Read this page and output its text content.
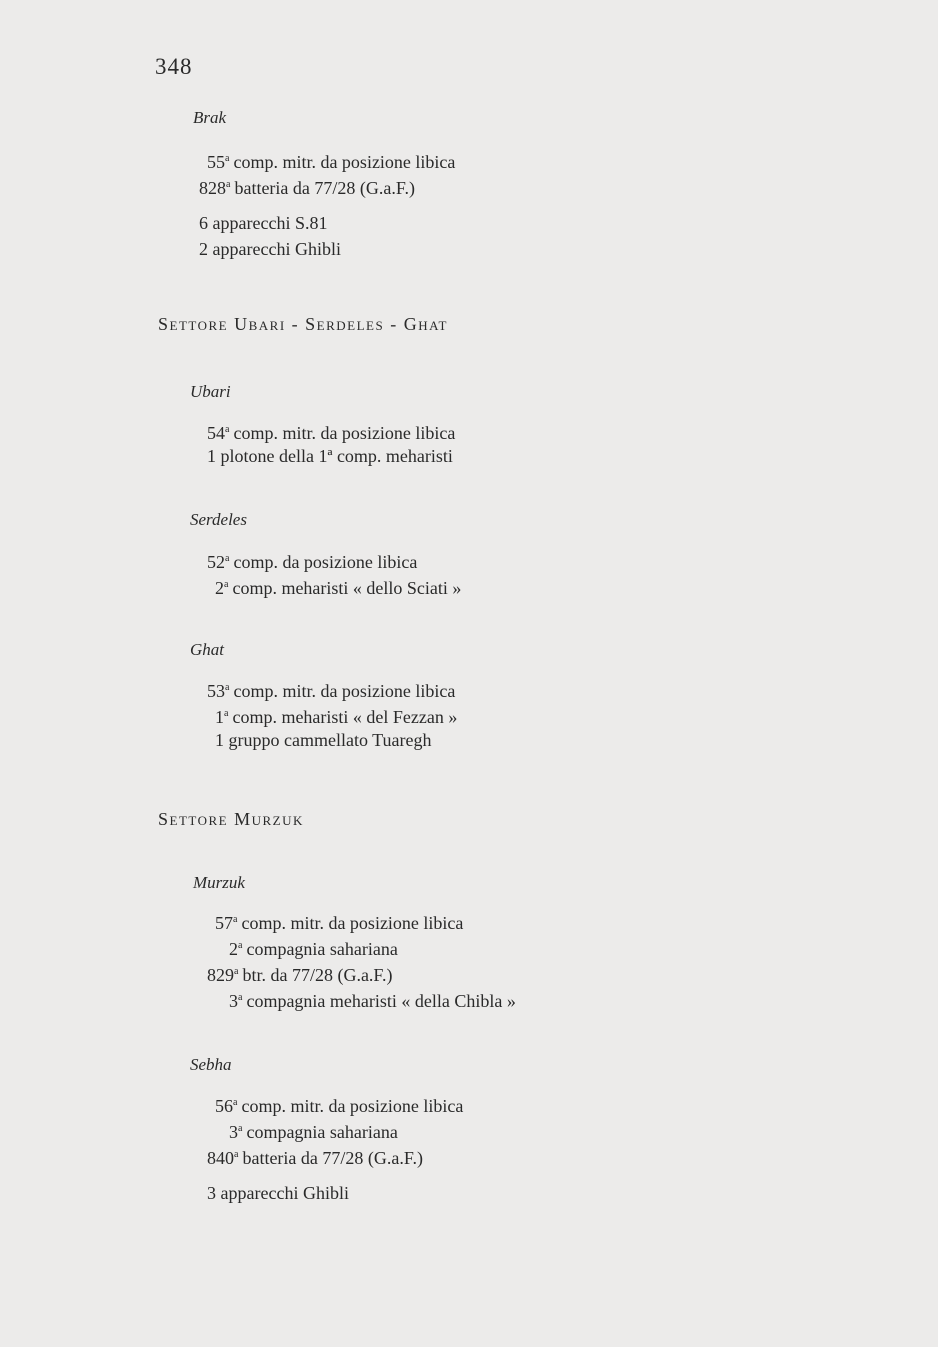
348
Brak
55$^a$ comp. mitr. da posizione libica
828$^a$ batteria da 77/28 (G.a.F.)
6 apparecchi S.81
2 apparecchi Ghibli
Settore Ubari - Serdeles - Ghat
Ubari
54$^a$ comp. mitr. da posizione libica
1 plotone della 1ª comp. meharisti
Serdeles
52$^a$ comp. da posizione libica
2$^a$ comp. meharisti « dello Sciati »
Ghat
53$^a$ comp. mitr. da posizione libica
1$^a$ comp. meharisti « del Fezzan »
1 gruppo cammellato Tuaregh
Settore Murzuk
Murzuk
57$^a$ comp. mitr. da posizione libica
2$^a$ compagnia sahariana
829$^a$ btr. da 77/28 (G.a.F.)
3$^a$ compagnia meharisti « della Chibla »
Sebha
56$^a$ comp. mitr. da posizione libica
3$^a$ compagnia sahariana
840$^a$ batteria da 77/28 (G.a.F.)
3 apparecchi Ghibli
